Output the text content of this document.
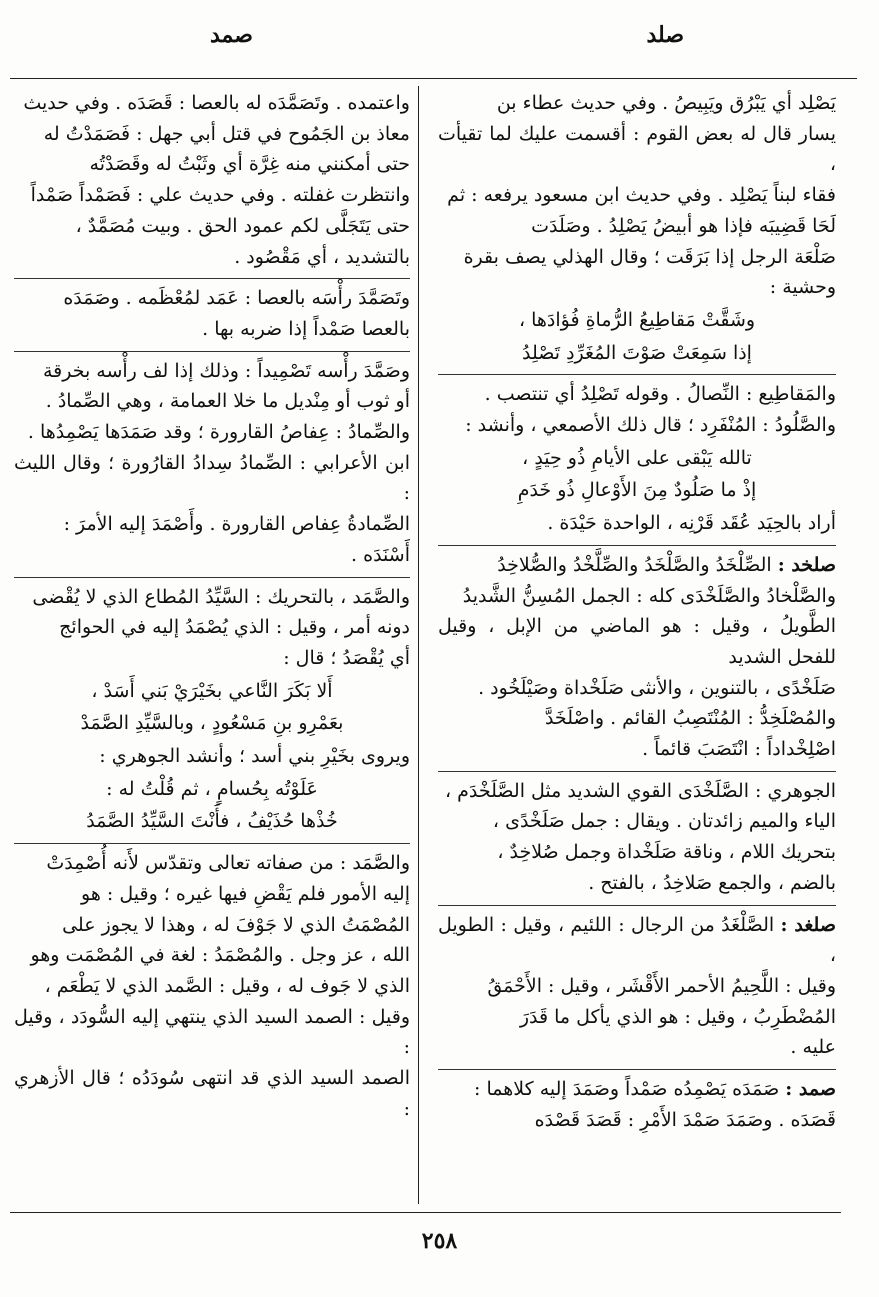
صلد
صمد

يَصْلِد أي يَبْرُق ويَبِيصُ . وفي حديث عطاء بن

يسار قال له بعض القوم : أقسمت عليك لما تقيأت ،

فقاء لبناً يَصْلِد . وفي حديث ابن مسعود يرفعه : ثم

لَحَا قَضِيبَه فإذا هو أبيضُ يَصْلِدُ . وصَلَدَت

صَلْعَة الرجل إذا بَرَقَت ؛ وقال الهذلي يصف بقرة

وحشية :

وشَقَّتْ مَقاطِيعُ الرُّماةِ فُؤادَها ،

إذا سَمِعَتْ صَوْتَ المُغَرِّدِ تَصْلِدُ

والمَقاطِيع : النِّصالُ . وقوله تَصْلِدُ أي تنتصب .

والصَّلُودُ : المُنْفَرِد ؛ قال ذلك الأصمعي ، وأنشد :

تالله يَبْقى على الأيامِ ذُو حِيَدٍ ،

إذْ ما صَلُودٌ مِنَ الأَوْعالِ ذُو خَدَمِ

أراد بالحِيَد عُقَد قَرْنِه ، الواحدة حَيْدَة .

صلخد : الصِّلْخَدُ والصَّلْخَدُ والصِّلَّخْدُ والصُّلاخِدُ

والصَّلْخادُ والصَّلَخْدَى كله : الجمل المُسِنُّ الشَّديدُ

الطَّويلُ ، وقيل : هو الماضي من الإبل ، وقيل للفحل الشديد

صَلَخْدًى ، بالتنوين ، والأنثى صَلَخْداة وصَيْلَخُود .

والمُصْلَخِدُّ : المُنْتَصِبُ القائم . واصْلَخَدَّ

اصْلِخْداداً : انْتَصَبَ قائماً .

الجوهري : الصَّلَخْدَى القوي الشديد مثل الصَّلَخْدَم ،

الياء والميم زائدتان . ويقال : جمل صَلَخْدًى ،

بتحريك اللام ، وناقة صَلَخْداة وجمل صُلاخِدٌ ،

بالضم ، والجمع صَلاخِدُ ، بالفتح .

صلغد : الصَّلْغَدُ من الرجال : اللئيم ، وقيل : الطويل ،

وقيل : اللَّحِيمُ الأحمر الأَقْشَر ، وقيل : الأَحْمَقُ

المُضْطَرِبُ ، وقيل : هو الذي يأكل ما قَدَرَ

عليه .

صمد : صَمَدَه يَصْمِدُه صَمْداً وصَمَدَ إليه كلاهما :

قَصَدَه . وصَمَدَ صَمْدَ الأَمْرِ : قَصَدَ قَصْدَه

واعتمده . وتَصَمَّدَه له بالعصا : قَصَدَه . وفي حديث

معاذ بن الجَمُوح في قتل أبي جهل : فَصَمَدْتُ له

حتى أمكنني منه غِرَّة أي وثَبْتُ له وقَصَدْتُه

وانتظرت غفلته . وفي حديث علي : فَصَمْداً صَمْداً

حتى يَتَجَلَّى لكم عمود الحق . وبيت مُصَمَّدٌ ،

بالتشديد ، أي مَقْصُود .

وتَصَمَّدَ رأْسَه بالعصا : عَمَد لمُعْظَمه . وصَمَدَه

بالعصا صَمْداً إذا ضربه بها .

وصَمَّدَ رأْسه تَصْمِيداً : وذلك إذا لف رأْسه بخرقة

أو ثوب أو مِنْديل ما خلا العمامة ، وهي الصِّمادُ .

والصِّمادُ : عِفاصُ القارورة ؛ وقد صَمَدَها يَصْمِدُها .

ابن الأعرابي : الصِّمادُ سِدادُ القارُورة ؛ وقال الليث :

الصِّمادةُ عِفاص القارورة . وأَصْمَدَ إليه الأمرَ :

أَسْنَدَه .

والصَّمَد ، بالتحريك : السَّيِّدُ المُطاع الذي لا يُقْضى

دونه أمر ، وقيل : الذي يُصْمَدُ إليه في الحوائج

أي يُقْصَدُ ؛ قال :

أَلا بَكَرَ النَّاعي بخَيْرَيْ بَني أَسَدْ ،

بعَمْرِو بنِ مَسْعُودٍ ، وبالسَّيِّدِ الصَّمَدْ

ويروى بخَيْرِ بني أسد ؛ وأنشد الجوهري :

عَلَوْتُه بِحُسامٍ ، ثم قُلْتُ له :

خُذْها حُذَيْفُ ، فأَنْتَ السَّيِّدُ الصَّمَدُ

والصَّمَد : من صفاته تعالى وتقدّس لأَنه أُصْمِدَتْ

إليه الأمور فلم يَقْضِ فيها غيره ؛ وقيل : هو

المُصْمَتُ الذي لا جَوْفَ له ، وهذا لا يجوز على

الله ، عز وجل . والمُصْمَدُ : لغة في المُصْمَت وهو

الذي لا جَوف له ، وقيل : الصَّمد الذي لا يَطْعَم ،

وقيل : الصمد السيد الذي ينتهي إليه السُّودَد ، وقيل :

الصمد السيد الذي قد انتهى سُودَدُه ؛ قال الأزهري :

٢٥٨
